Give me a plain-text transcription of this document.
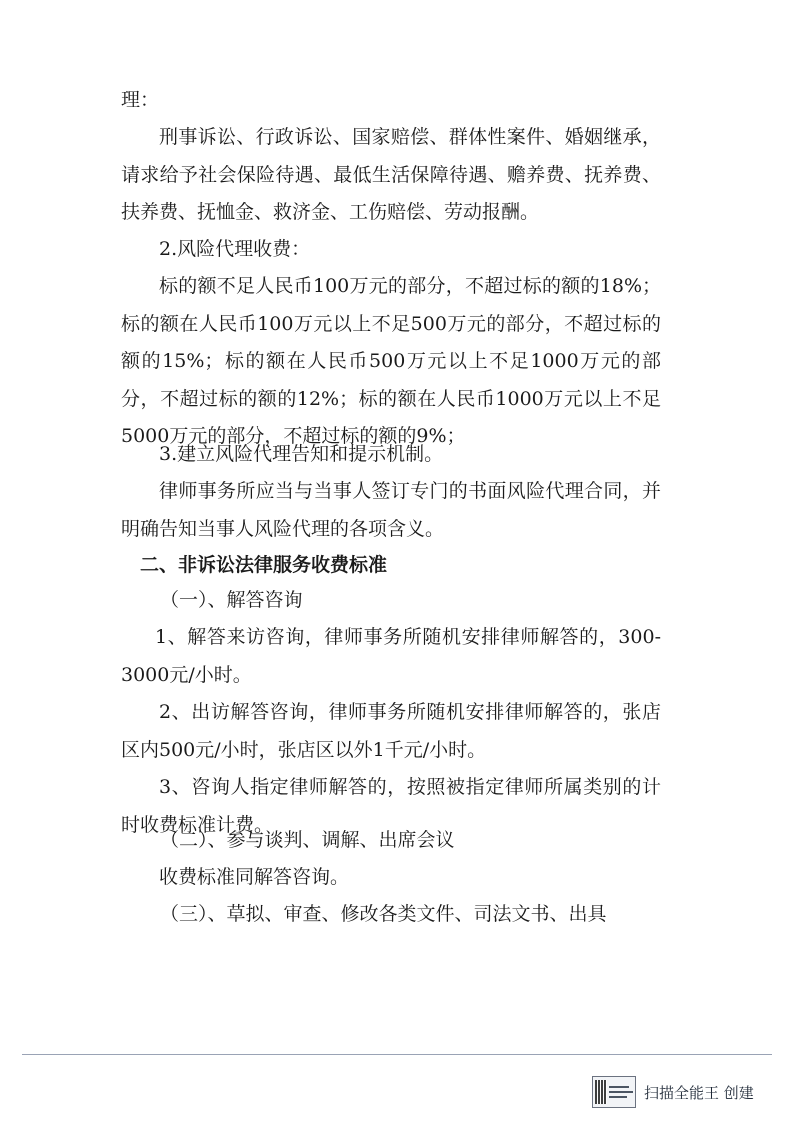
理：

刑事诉讼、行政诉讼、国家赔偿、群体性案件、婚姻继承，请求给予社会保险待遇、最低生活保障待遇、赡养费、抚养费、扶养费、抚恤金、救济金、工伤赔偿、劳动报酬。

2.风险代理收费：

标的额不足人民币100万元的部分，不超过标的额的18%；标的额在人民币100万元以上不足500万元的部分，不超过标的额的15%；标的额在人民币500万元以上不足1000万元的部分，不超过标的额的12%；标的额在人民币1000万元以上不足5000万元的部分，不超过标的额的9%；

3.建立风险代理告知和提示机制。

律师事务所应当与当事人签订专门的书面风险代理合同，并明确告知当事人风险代理的各项含义。

二、非诉讼法律服务收费标准

（一）、解答咨询

1、解答来访咨询，律师事务所随机安排律师解答的，300-3000元/小时。

2、出访解答咨询，律师事务所随机安排律师解答的，张店区内500元/小时，张店区以外1千元/小时。

3、咨询人指定律师解答的，按照被指定律师所属类别的计时收费标准计费。

（二）、参与谈判、调解、出席会议

收费标准同解答咨询。

（三）、草拟、审查、修改各类文件、司法文书、出具

扫描全能王 创建
